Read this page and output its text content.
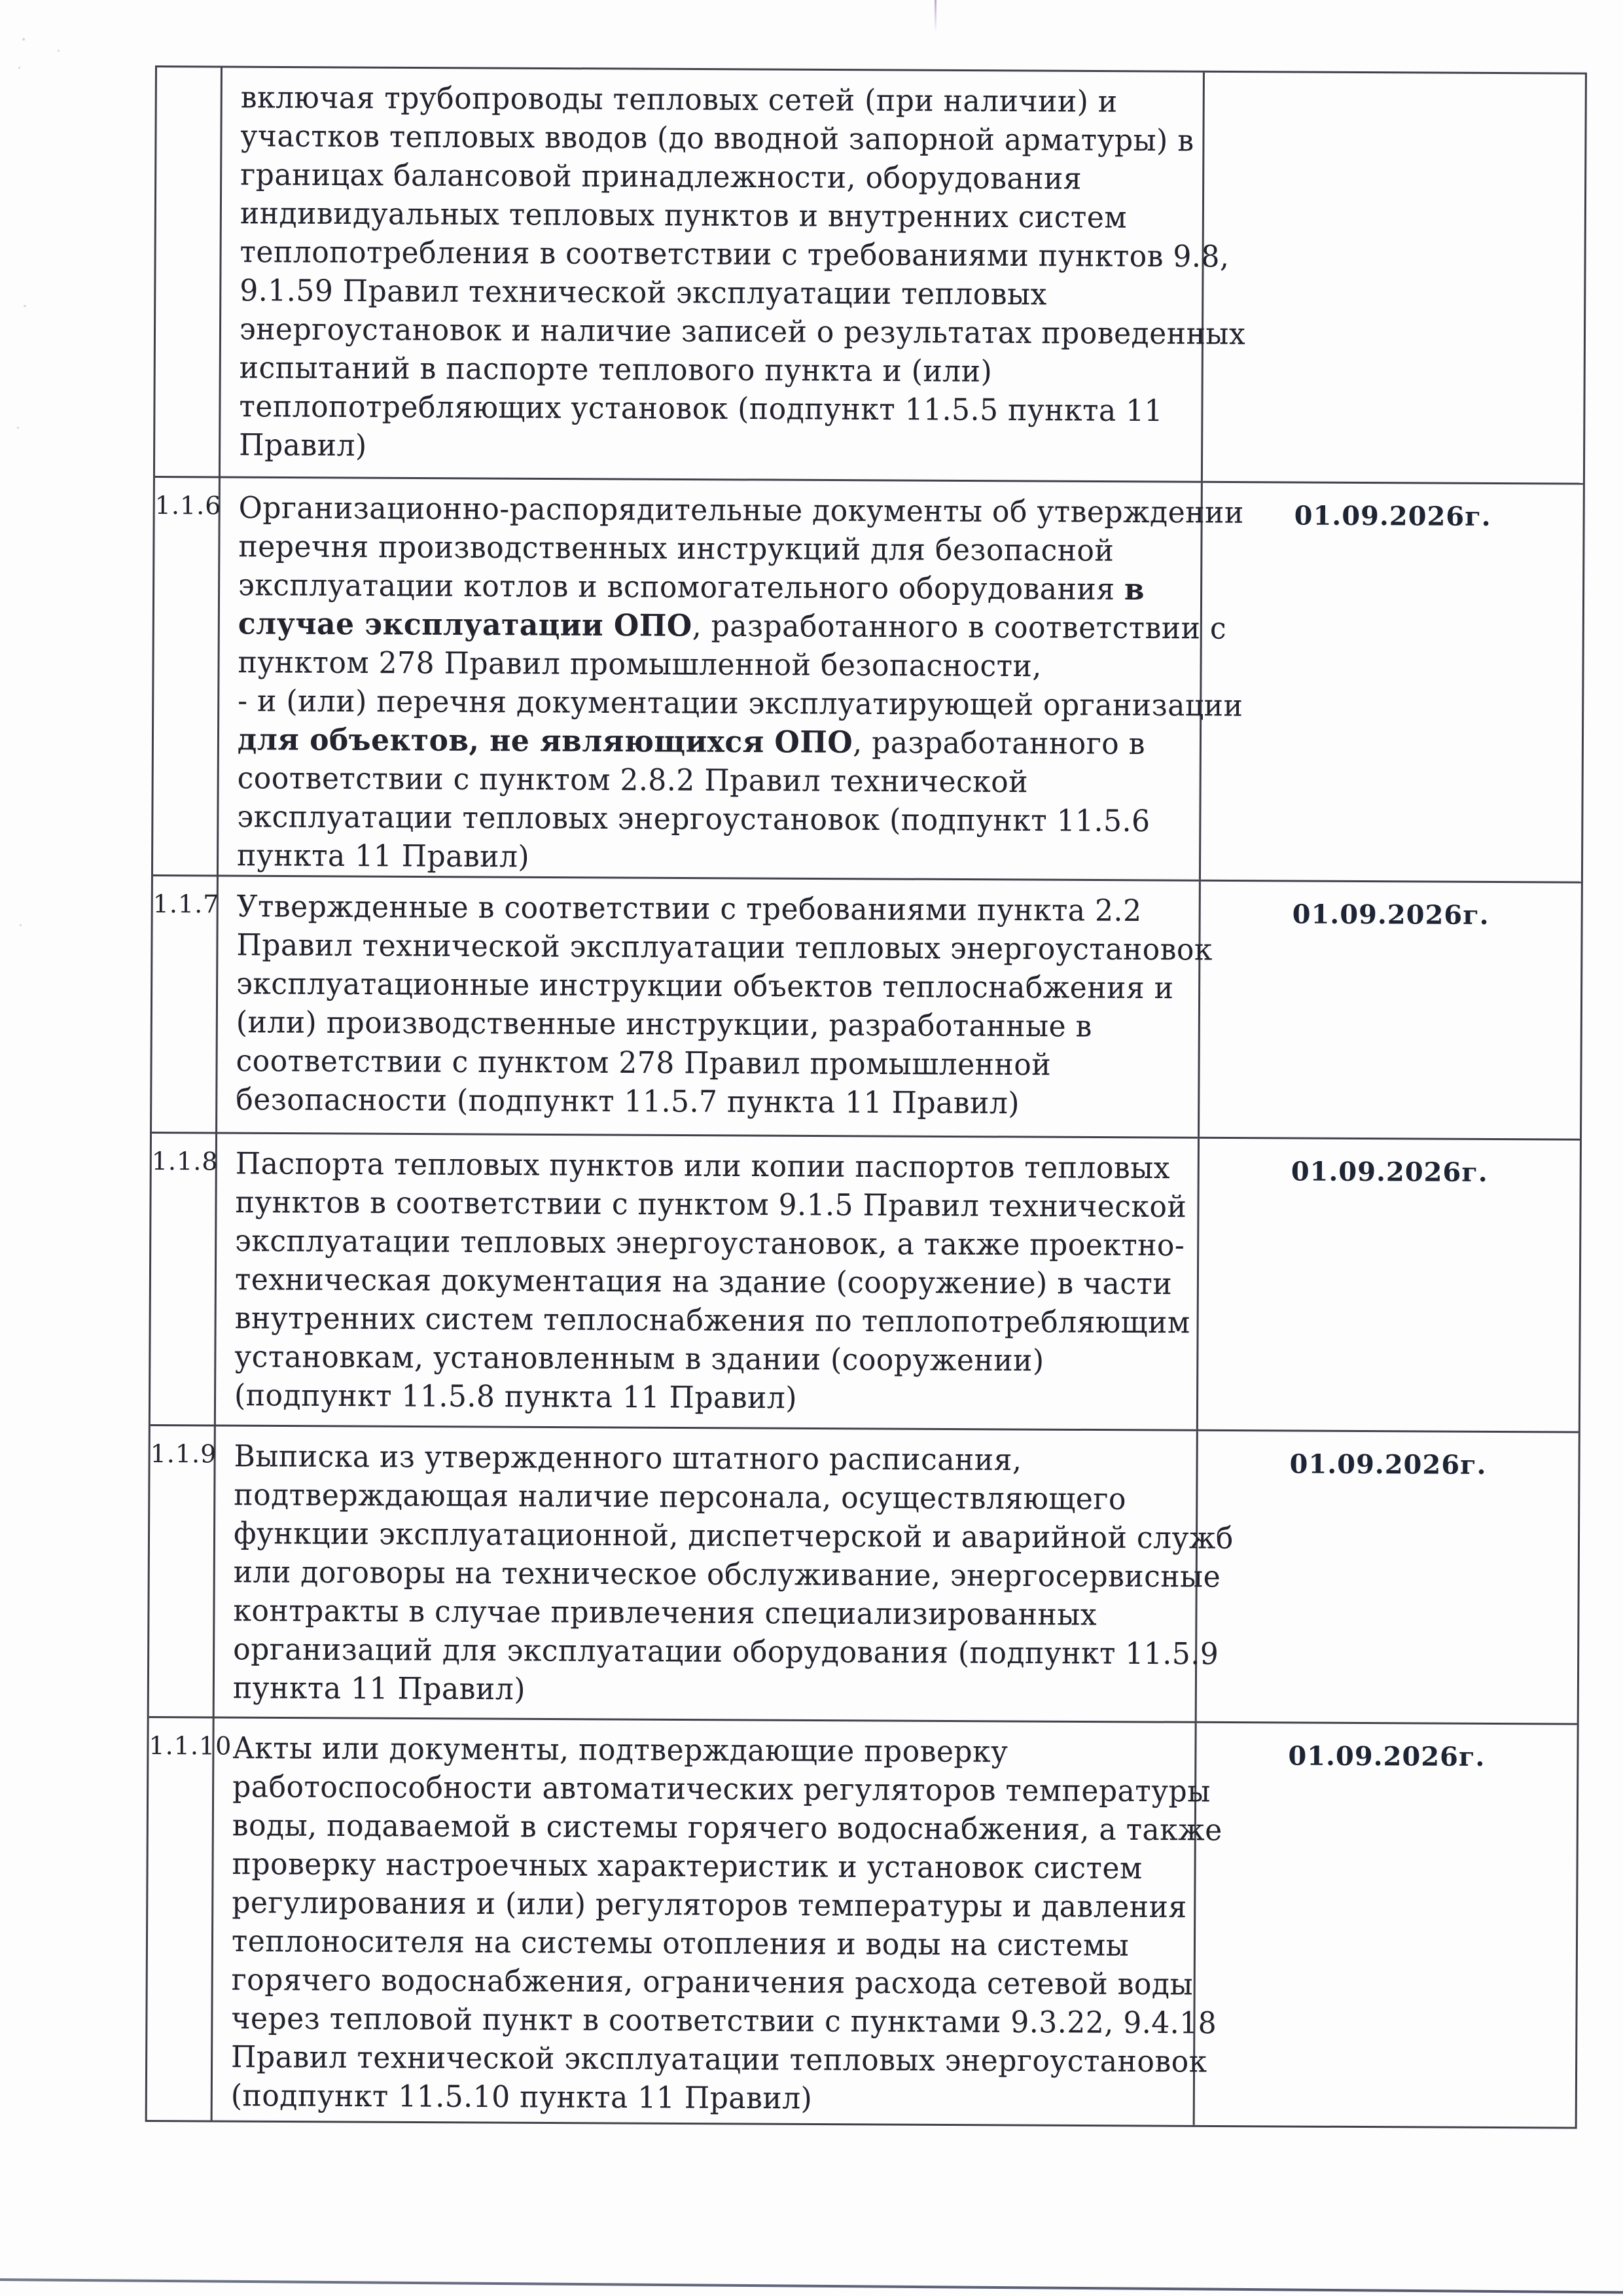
включая трубопроводы тепловых сетей (при наличии) и
участков тепловых вводов (до вводной запорной арматуры) в
границах балансовой принадлежности, оборудования
индивидуальных тепловых пунктов и внутренних систем
теплопотребления в соответствии с требованиями пунктов 9.8,
9.1.59 Правил технической эксплуатации тепловых
энергоустановок и наличие записей о результатах проведенных
испытаний в паспорте теплового пункта и (или)
теплопотребляющих установок (подпункт 11.5.5 пункта 11
Правил)
1.1.6 Организационно-распорядительные документы об утверждении
перечня производственных инструкций для безопасной
эксплуатации котлов и вспомогательного оборудования в
случае эксплуатации ОПО, разработанного в соответствии с
пунктом 278 Правил промышленной безопасности,
- и (или) перечня документации эксплуатирующей организации
для объектов, не являющихся ОПО, разработанного в
соответствии с пунктом 2.8.2 Правил технической
эксплуатации тепловых энергоустановок (подпункт 11.5.6
пункта 11 Правил)
01.09.2026г.
1.1.7 Утвержденные в соответствии с требованиями пункта 2.2
Правил технической эксплуатации тепловых энергоустановок
эксплуатационные инструкции объектов теплоснабжения и
(или) производственные инструкции, разработанные в
соответствии с пунктом 278 Правил промышленной
безопасности (подпункт 11.5.7 пункта 11 Правил)
01.09.2026г.
1.1.8 Паспорта тепловых пунктов или копии паспортов тепловых
пунктов в соответствии с пунктом 9.1.5 Правил технической
эксплуатации тепловых энергоустановок, а также проектно-
техническая документация на здание (сооружение) в части
внутренних систем теплоснабжения по теплопотребляющим
установкам, установленным в здании (сооружении)
(подпункт 11.5.8 пункта 11 Правил)
01.09.2026г.
1.1.9 Выписка из утвержденного штатного расписания,
подтверждающая наличие персонала, осуществляющего
функции эксплуатационной, диспетчерской и аварийной служб
или договоры на техническое обслуживание, энергосервисные
контракты в случае привлечения специализированных
организаций для эксплуатации оборудования (подпункт 11.5.9
пункта 11 Правил)
01.09.2026г.
1.1.10 Акты или документы, подтверждающие проверку
работоспособности автоматических регуляторов температуры
воды, подаваемой в системы горячего водоснабжения, а также
проверку настроечных характеристик и установок систем
регулирования и (или) регуляторов температуры и давления
теплоносителя на системы отопления и воды на системы
горячего водоснабжения, ограничения расхода сетевой воды
через тепловой пункт в соответствии с пунктами 9.3.22, 9.4.18
Правил технической эксплуатации тепловых энергоустановок
(подпункт 11.5.10 пункта 11 Правил)
01.09.2026г.
